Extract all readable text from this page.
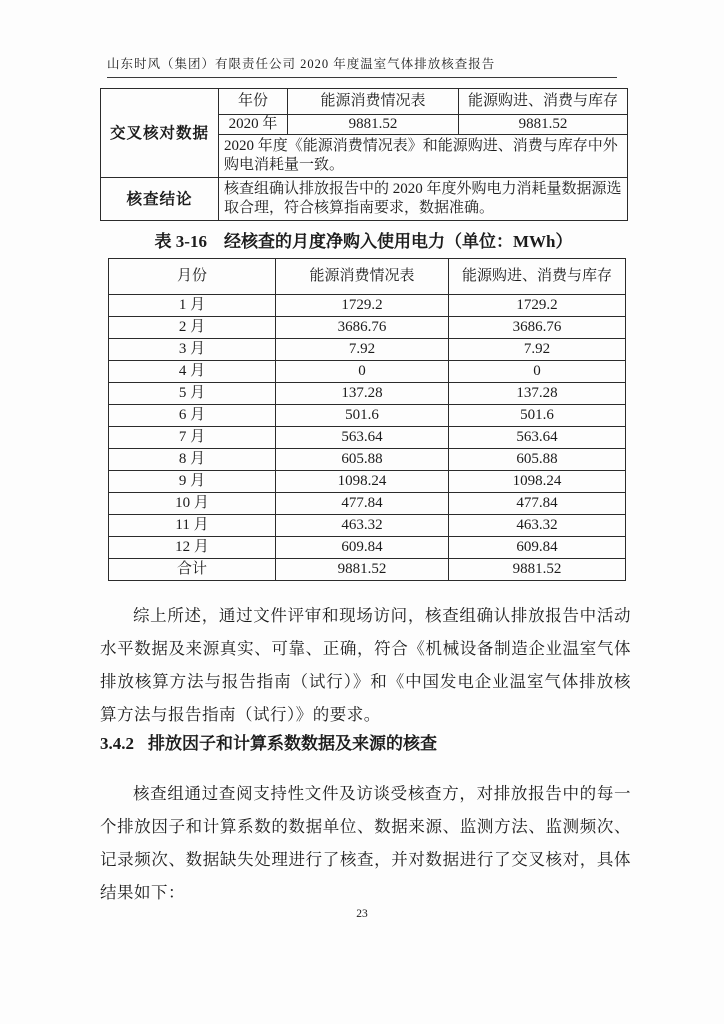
山东时风（集团）有限责任公司 2020 年度温室气体排放核查报告
交叉核对数据	年份	能源消费情况表	能源购进、消费与库存
	2020 年	9881.52	9881.52
	2020 年度《能源消费情况表》和能源购进、消费与库存中外购电消耗量一致。		
核查结论	核查组确认排放报告中的 2020 年度外购电力消耗量数据源选取合理，符合核算指南要求，数据准确。		
表 3-16　经核查的月度净购入使用电力（单位：MWh）
月份	能源消费情况表	能源购进、消费与库存
1 月	1729.2	1729.2
2 月	3686.76	3686.76
3 月	7.92	7.92
4 月	0	0
5 月	137.28	137.28
6 月	501.6	501.6
7 月	563.64	563.64
8 月	605.88	605.88
9 月	1098.24	1098.24
10 月	477.84	477.84
11 月	463.32	463.32
12 月	609.84	609.84
合计	9881.52	9881.52

综上所述，通过文件评审和现场访问，核查组确认排放报告中活动水平数据及来源真实、可靠、正确，符合《机械设备制造企业温室气体排放核算方法与报告指南（试行）》和《中国发电企业温室气体排放核算方法与报告指南（试行）》的要求。

3.4.2 排放因子和计算系数数据及来源的核查

核查组通过查阅支持性文件及访谈受核查方，对排放报告中的每一个排放因子和计算系数的数据单位、数据来源、监测方法、监测频次、记录频次、数据缺失处理进行了核查，并对数据进行了交叉核对，具体结果如下：

23
